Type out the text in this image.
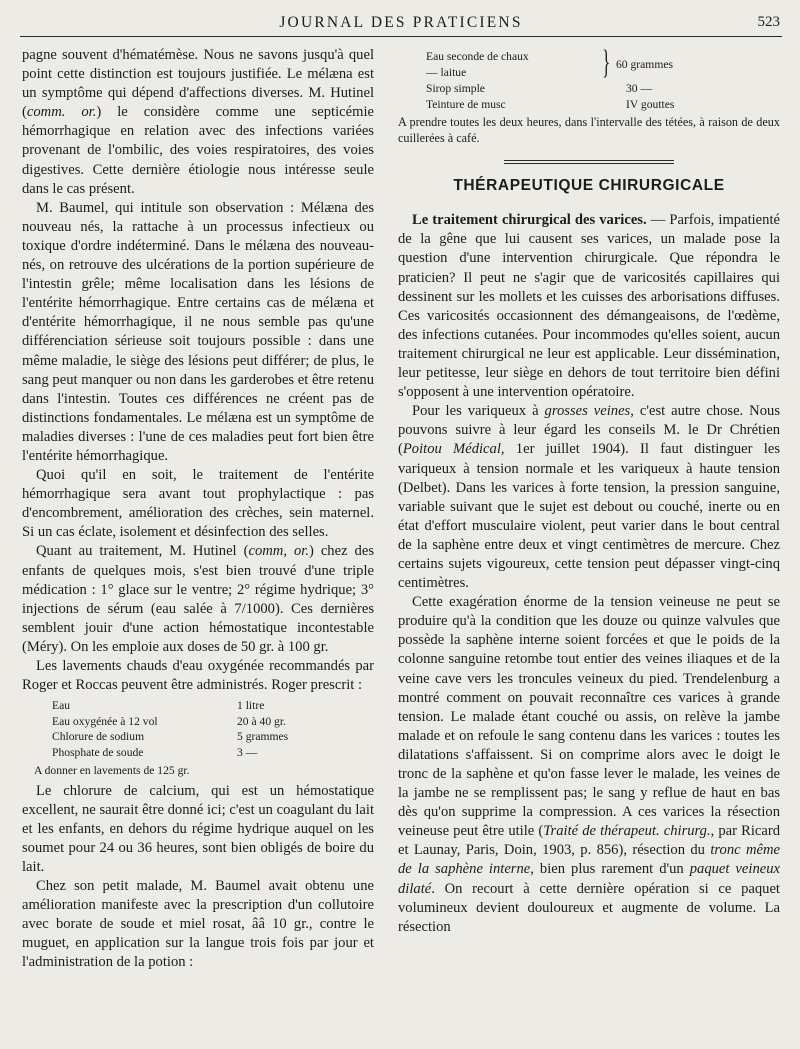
JOURNAL DES PRATICIENS	523

pagne souvent d'hématémèse. Nous ne savons jusqu'à quel point cette distinction est toujours justifiée. Le mélæna est un symptôme qui dépend d'affections diverses. M. Hutinel (comm. or.) le considère comme une septicémie hémorrhagique en relation avec des infections variées provenant de l'ombilic, des voies respiratoires, des voies digestives. Cette dernière étiologie nous intéresse seule dans le cas présent.

M. Baumel, qui intitule son observation : Mélæna des nouveau nés, la rattache à un processus infectieux ou toxique d'ordre indéterminé. Dans le mélæna des nouveau-nés, on retrouve des ulcérations de la portion supérieure de l'intestin grêle; même localisation dans les lésions de l'entérite hémorrhagique. Entre certains cas de mélæna et d'entérite hémorrhagique, il ne nous semble pas qu'une différenciation sérieuse soit toujours possible : dans une même maladie, le siège des lésions peut différer; de plus, le sang peut manquer ou non dans les garderobes et être retenu dans l'intestin. Toutes ces différences ne créent pas de distinctions fondamentales. Le mélæna est un symptôme de maladies diverses : l'une de ces maladies peut fort bien être l'entérite hémorrhagique.

Quoi qu'il en soit, le traitement de l'entérite hémorrhagique sera avant tout prophylactique : pas d'encombrement, amélioration des crèches, sein maternel. Si un cas éclate, isolement et désinfection des selles.

Quant au traitement, M. Hutinel (comm, or.) chez des enfants de quelques mois, s'est bien trouvé d'une triple médication : 1° glace sur le ventre; 2° régime hydrique; 3° injections de sérum (eau salée à 7/1000). Ces dernières semblent jouir d'une action hémostatique incontestable (Méry). On les emploie aux doses de 50 gr. à 100 gr.

Les lavements chauds d'eau oxygénée recommandés par Roger et Roccas peuvent être administrés. Roger prescrit :

Eau	1 litre
Eau oxygénée à 12 vol	20 à 40 gr.
Chlorure de sodium	5 grammes
Phosphate de soude	3 —
A donner en lavements de 125 gr.

Le chlorure de calcium, qui est un hémostatique excellent, ne saurait être donné ici; c'est un coagulant du lait et les enfants, en dehors du régime hydrique auquel on les soumet pour 24 ou 36 heures, sont bien obligés de boire du lait.

Chez son petit malade, M. Baumel avait obtenu une amélioration manifeste avec la prescription d'un collutoire avec borate de soude et miel rosat, ââ 10 gr., contre le muguet, en application sur la langue trois fois par jour et l'administration de la potion :

Eau seconde de chaux
— laitue	} 60 grammes
Sirop simple	30 —
Teinture de musc	IV gouttes
A prendre toutes les deux heures, dans l'intervalle des tétées, à raison de deux cuillerées à café.
THÉRAPEUTIQUE CHIRURGICALE

Le traitement chirurgical des varices. — Parfois, impatienté de la gêne que lui causent ses varices, un malade pose la question d'une intervention chirurgicale. Que répondra le praticien? Il peut ne s'agir que de varicosités capillaires qui dessinent sur les mollets et les cuisses des arborisations diffuses. Ces varicosités occasionnent des démangeaisons, de l'œdème, des infections cutanées. Pour incommodes qu'elles soient, aucun traitement chirurgical ne leur est applicable. Leur dissémination, leur petitesse, leur siège en dehors de tout territoire bien défini s'opposent à une intervention opératoire.

Pour les variqueux à grosses veines, c'est autre chose. Nous pouvons suivre à leur égard les conseils M. le Dr Chrétien (Poitou Médical, 1er juillet 1904). Il faut distinguer les variqueux à tension normale et les variqueux à haute tension (Delbet). Dans les varices à forte tension, la pression sanguine, variable suivant que le sujet est debout ou couché, inerte ou en état d'effort musculaire violent, peut varier dans le bout central de la saphène entre deux et vingt centimètres de mercure. Chez certains sujets vigoureux, cette tension peut dépasser vingt-cinq centimètres.

Cette exagération énorme de la tension veineuse ne peut se produire qu'à la condition que les douze ou quinze valvules que possède la saphène interne soient forcées et que le poids de la colonne sanguine retombe tout entier des veines iliaques et de la veine cave vers les troncules veineux du pied. Trendelenburg a montré comment on pouvait reconnaître ces varices à grande tension. Le malade étant couché ou assis, on relève la jambe malade et on refoule le sang contenu dans les varices : toutes les dilatations s'affaissent. Si on comprime alors avec le doigt le tronc de la saphène et qu'on fasse lever le malade, les veines de la jambe ne se remplissent pas; le sang y reflue de haut en bas dès qu'on supprime la compression. A ces varices la résection veineuse peut être utile (Traité de thérapeut. chirurg., par Ricard et Launay, Paris, Doin, 1903, p. 856), résection du tronc même de la saphène interne, bien plus rarement d'un paquet veineux dilaté. On recourt à cette dernière opération si ce paquet volumineux devient douloureux et augmente de volume. La résection
